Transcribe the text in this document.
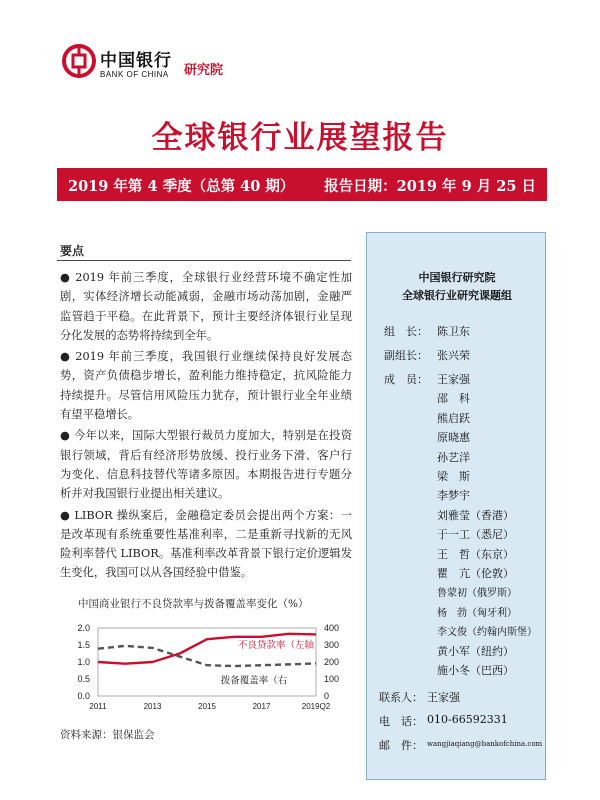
中国银行
BANK OF CHINA 研究院
全球银行业展望报告
2019 年第 4 季度（总第 40 期） 报告日期：2019 年 9 月 25 日
要点

● 2019 年前三季度，全球银行业经营环境不确定性加剧，实体经济增长动能减弱，金融市场动荡加剧，金融严监管趋于平稳。在此背景下，预计主要经济体银行业呈现分化发展的态势将持续到全年。

● 2019 年前三季度，我国银行业继续保持良好发展态势，资产负债稳步增长，盈利能力维持稳定，抗风险能力持续提升。尽管信用风险压力犹存，预计银行业全年业绩有望平稳增长。

● 今年以来，国际大型银行裁员力度加大，特别是在投资银行领域，背后有经济形势放缓、投行业务下滑、客户行为变化、信息科技替代等诸多原因。本期报告进行专题分析并对我国银行业提出相关建议。

● LIBOR 操纵案后，金融稳定委员会提出两个方案：一是改革现有系统重要性基准利率，二是重新寻找新的无风险利率替代 LIBOR。基准利率改革背景下银行定价逻辑发生变化，我国可以从各国经验中借鉴。

中国商业银行不良贷款率与拨备覆盖率变化（%）
0.0
0.5
1.0
1.5
2.0
0
100
200
300
400
2011	2013	2015	2017	2019Q2
不良贷款率（左轴
拨备覆盖率（右
资料来源：银保监会
中国银行研究院
全球银行业研究课题组
组　长： 陈卫东
副组长： 张兴荣
成　员： 王家强
邵　科
熊启跃
原晓惠
孙艺洋
梁　斯
李梦宇
刘雅莹（香港）
于一工（悉尼）
王　哲（东京）
瞿　亢（伦敦）
鲁蒙初（俄罗斯）
杨　勃（匈牙利）
李文俊（约翰内斯堡）
黄小军（纽约）
施小冬（巴西）
联系人： 王家强
电　话： 010-66592331
邮　件： wangjiaqiang@bankofchina.com
